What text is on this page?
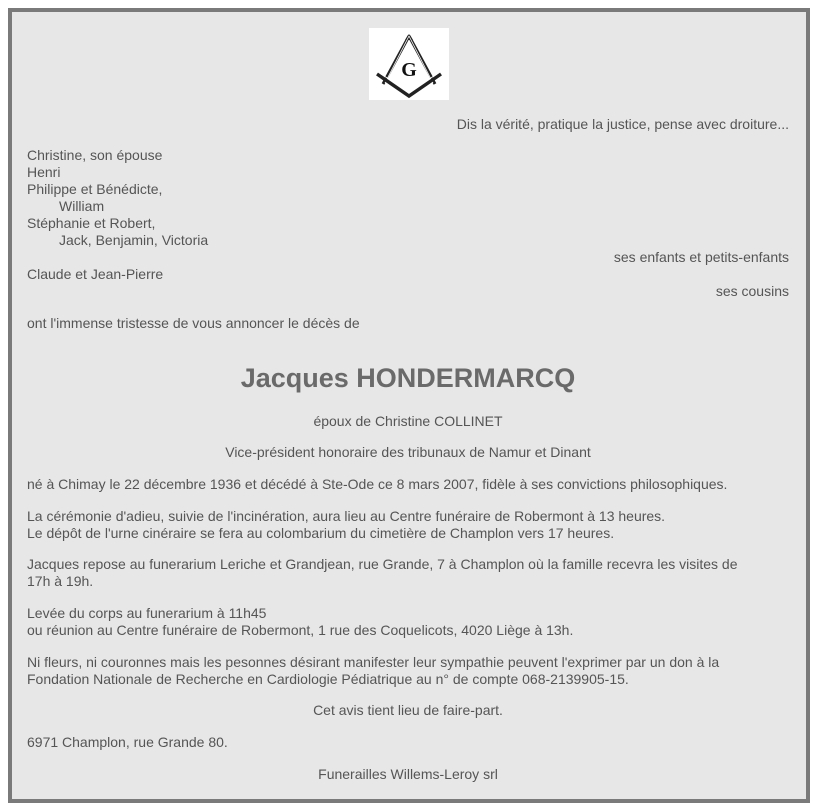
G
Dis la vérité, pratique la justice, pense avec droiture...
Christine, son épouse
Henri
Philippe et Bénédicte,
William
Stéphanie et Robert,
Jack, Benjamin, Victoria
ses enfants et petits-enfants
Claude et Jean-Pierre
ses cousins
ont l'immense tristesse de vous annoncer le décès de
Jacques HONDERMARCQ
époux de Christine COLLINET
Vice-président honoraire des tribunaux de Namur et Dinant
né à Chimay le 22 décembre 1936 et décédé à Ste-Ode ce 8 mars 2007, fidèle à ses convictions philosophiques.
La cérémonie d'adieu, suivie de l'incinération, aura lieu au Centre funéraire de Robermont à 13 heures.
Le dépôt de l'urne cinéraire se fera au colombarium du cimetière de Champlon vers 17 heures.
Jacques repose au funerarium Leriche et Grandjean, rue Grande, 7 à Champlon où la famille recevra les visites de
17h à 19h.
Levée du corps au funerarium à 11h45
ou réunion au Centre funéraire de Robermont, 1 rue des Coquelicots, 4020 Liège à 13h.
Ni fleurs, ni couronnes mais les pesonnes désirant manifester leur sympathie peuvent l'exprimer par un don à la
Fondation Nationale de Recherche en Cardiologie Pédiatrique au n° de compte 068-2139905-15.
Cet avis tient lieu de faire-part.
6971 Champlon, rue Grande 80.
Funerailles Willems-Leroy srl
